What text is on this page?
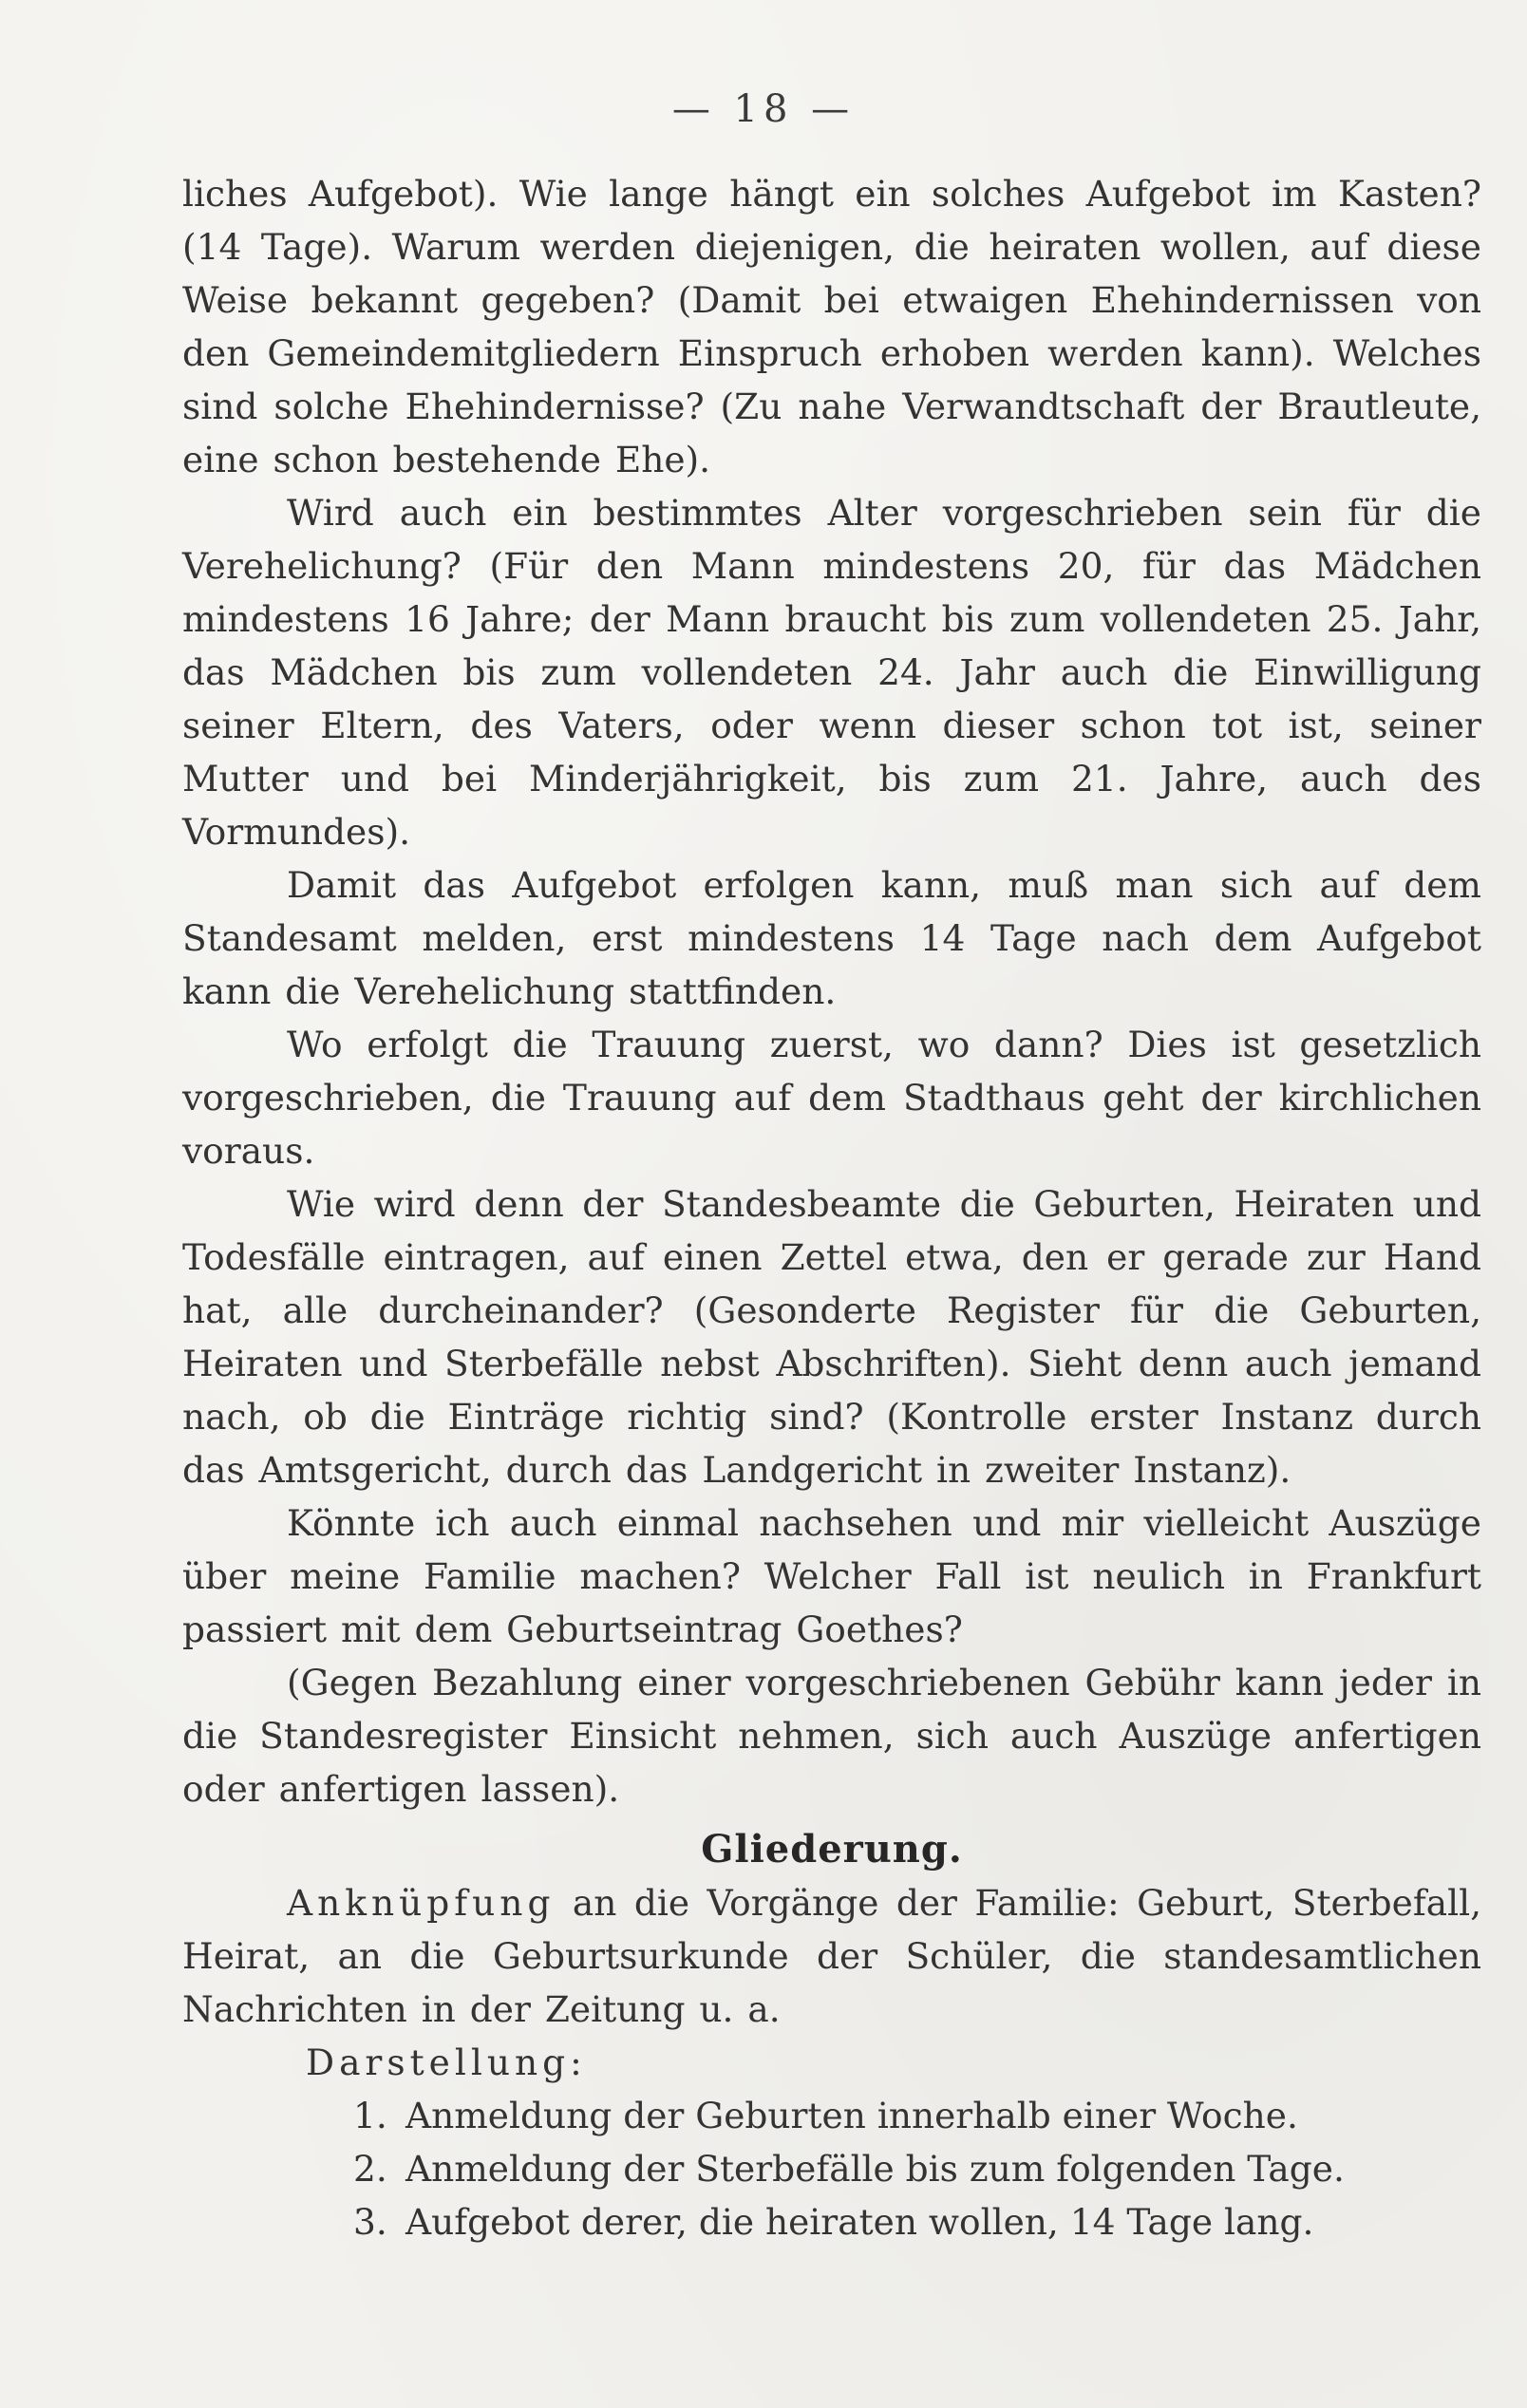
— 18 —

liches Aufgebot). Wie lange hängt ein solches Aufgebot im Kasten? (14 Tage). Warum werden diejenigen, die heiraten wollen, auf diese Weise bekannt gegeben? (Damit bei etwaigen Ehehindernissen von den Gemeindemitgliedern Einspruch erhoben werden kann). Welches sind solche Ehehindernisse? (Zu nahe Verwandtschaft der Brautleute, eine schon bestehende Ehe).

Wird auch ein bestimmtes Alter vorgeschrieben sein für die Verehelichung? (Für den Mann mindestens 20, für das Mädchen mindestens 16 Jahre; der Mann braucht bis zum vollendeten 25. Jahr, das Mädchen bis zum vollendeten 24. Jahr auch die Einwilligung seiner Eltern, des Vaters, oder wenn dieser schon tot ist, seiner Mutter und bei Minderjährigkeit, bis zum 21. Jahre, auch des Vormundes).

Damit das Aufgebot erfolgen kann, muß man sich auf dem Standesamt melden, erst mindestens 14 Tage nach dem Aufgebot kann die Verehelichung stattfinden.

Wo erfolgt die Trauung zuerst, wo dann? Dies ist gesetzlich vorgeschrieben, die Trauung auf dem Stadthaus geht der kirchlichen voraus.

Wie wird denn der Standesbeamte die Geburten, Heiraten und Todesfälle eintragen, auf einen Zettel etwa, den er gerade zur Hand hat, alle durcheinander? (Gesonderte Register für die Geburten, Heiraten und Sterbefälle nebst Abschriften). Sieht denn auch jemand nach, ob die Einträge richtig sind? (Kontrolle erster Instanz durch das Amtsgericht, durch das Landgericht in zweiter Instanz).

Könnte ich auch einmal nachsehen und mir vielleicht Auszüge über meine Familie machen? Welcher Fall ist neulich in Frankfurt passiert mit dem Geburtseintrag Goethes?

(Gegen Bezahlung einer vorgeschriebenen Gebühr kann jeder in die Standesregister Einsicht nehmen, sich auch Auszüge anfertigen oder anfertigen lassen).

Gliederung.

Anknüpfung an die Vorgänge der Familie: Geburt, Sterbefall, Heirat, an die Geburtsurkunde der Schüler, die standesamtlichen Nachrichten in der Zeitung u. a.

Darstellung:

1. Anmeldung der Geburten innerhalb einer Woche.
2. Anmeldung der Sterbefälle bis zum folgenden Tage.
3. Aufgebot derer, die heiraten wollen, 14 Tage lang.
